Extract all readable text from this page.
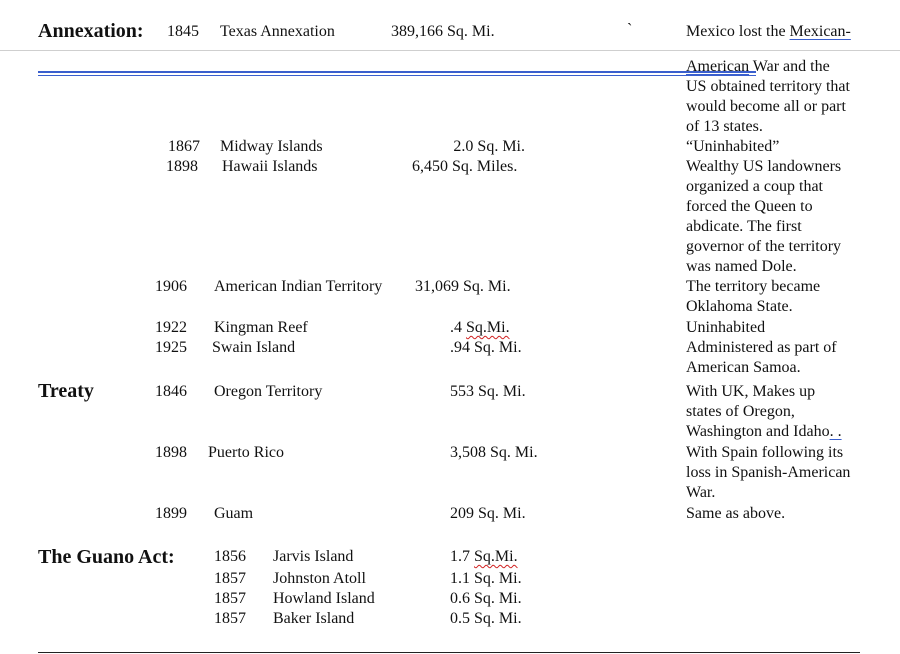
Annexation: 1845 Texas Annexation	389,166 Sq. Mi.	`	Mexico lost the Mexican-
American War and the
US obtained territory that
would become all or part
of 13 states.
1867 Midway Islands	2.0 Sq. Mi.	“Uninhabited”
1898 Hawaii Islands	6,450 Sq. Miles.	Wealthy US landowners
organized a coup that
forced the Queen to
abdicate. The first
governor of the territory
was named Dole.
1906 American Indian Territory 31,069 Sq. Mi.	The territory became
Oklahoma State.
1922 Kingman Reef	.4 Sq.Mi.	Uninhabited
1925 Swain Island	.94 Sq. Mi.	Administered as part of
American Samoa.
Treaty	1846 Oregon Territory	553 Sq. Mi.	With UK, Makes up
states of Oregon,
Washington and Idaho. .
1898 Puerto Rico	3,508 Sq. Mi.	With Spain following its
loss in Spanish-American
War.
1899 Guam	209 Sq. Mi.	Same as above.
The Guano Act: 1856 Jarvis Island	1.7 Sq.Mi.
1857 Johnston Atoll	1.1 Sq. Mi.
1857 Howland Island	0.6 Sq. Mi.
1857 Baker Island	0.5 Sq. Mi.
